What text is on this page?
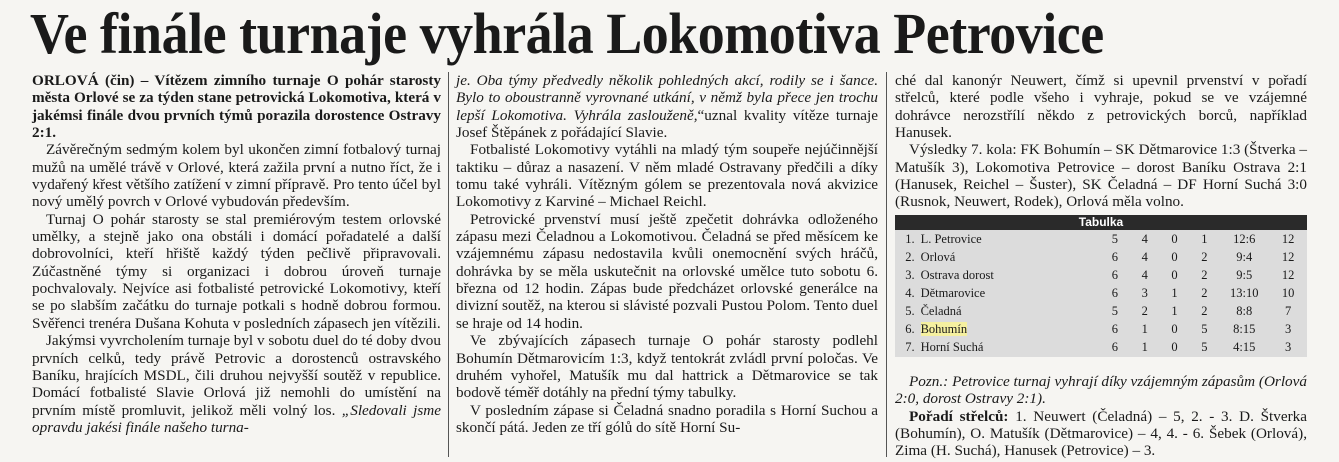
Ve finále turnaje vyhrála Lokomotiva Petrovice

ORLOVÁ (čin) – Vítězem zimního turnaje O pohár starosty města Orlové se za týden stane petrovická Lokomotiva, která v jakémsi finále dvou prvních týmů porazila dorostence Ostravy 2:1.

Závěrečným sedmým kolem byl ukončen zimní fotbalový turnaj mužů na umělé trávě v Orlové, která zažila první a nutno říct, že i vydařený křest většího zatížení v zimní přípravě. Pro tento účel byl nový umělý povrch v Orlové vybudován především.

Turnaj O pohár starosty se stal premiérovým testem orlovské umělky, a stejně jako ona obstáli i domácí pořadatelé a další dobrovolníci, kteří hřiště každý týden pečlivě připravovali. Zúčastněné týmy si organizaci i dobrou úroveň turnaje pochvalovaly. Nejvíce asi fotbalisté petrovické Lokomotivy, kteří se po slabším začátku do turnaje potkali s hodně dobrou formou. Svěřenci trenéra Dušana Kohuta v posledních zápasech jen vítězili.

Jakýmsi vyvrcholením turnaje byl v sobotu duel do té doby dvou prvních celků, tedy právě Petrovic a dorostenců ostravského Baníku, hrajících MSDL, čili druhou nejvyšší soutěž v republice. Domácí fotbalisté Slavie Orlová již nemohli do umístění na prvním místě promluvit, jelikož měli volný los. „Sledovali jsme opravdu jakési finále našeho turna-

je. Oba týmy předvedly několik pohledných akcí, rodily se i šance. Bylo to oboustranně vyrovnané utkání, v němž byla přece jen trochu lepší Lokomotiva. Vyhrála zaslouženě,“uznal kvality vítěze turnaje Josef Štěpánek z pořádající Slavie.

Fotbalisté Lokomotivy vytáhli na mladý tým soupeře nejúčinnější taktiku – důraz a nasazení. V něm mladé Ostravany předčili a díky tomu také vyhráli. Vítězným gólem se prezentovala nová akvizice Lokomotivy z Karviné – Michael Reichl.

Petrovické prvenství musí ještě zpečetit dohrávka odloženého zápasu mezi Čeladnou a Lokomotivou. Čeladná se před měsícem ke vzájemnému zápasu nedostavila kvůli onemocnění svých hráčů, dohrávka by se měla uskutečnit na orlovské umělce tuto sobotu 6. března od 12 hodin. Zápas bude předcházet orlovské generálce na divizní soutěž, na kterou si slávisté pozvali Pustou Polom. Tento duel se hraje od 14 hodin.

Ve zbývajících zápasech turnaje O pohár starosty podlehl Bohumín Dětmarovicím 1:3, když tentokrát zvládl první poločas. Ve druhém vyhořel, Matušík mu dal hattrick a Dětmarovice se tak bodově téměř dotáhly na přední týmy tabulky.

V posledním zápase si Čeladná snadno poradila s Horní Suchou a skončí pátá. Jeden ze tří gólů do sítě Horní Su-

ché dal kanonýr Neuwert, čímž si upevnil prvenství v pořadí střelců, které podle všeho i vyhraje, pokud se ve vzájemné dohrávce nerozstřílí někdo z petrovických borců, například Hanusek.

Výsledky 7. kola: FK Bohumín – SK Dětmarovice 1:3 (Štverka – Matušík 3), Lokomotiva Petrovice – dorost Baníku Ostrava 2:1 (Hanusek, Reichel – Šuster), SK Čeladná – DF Horní Suchá 3:0 (Rusnok, Neuwert, Rodek), Orlová měla volno.

Tabulka
1.	L. Petrovice	5	4	0	1	12:6	12
2.	Orlová	6	4	0	2	9:4	12
3.	Ostrava dorost	6	4	0	2	9:5	12
4.	Dětmarovice	6	3	1	2	13:10	10
5.	Čeladná	5	2	1	2	8:8	7
6.	Bohumín	6	1	0	5	8:15	3
7.	Horní Suchá	6	1	0	5	4:15	3

Pozn.: Petrovice turnaj vyhrají díky vzájemným zápasům (Orlová 2:0, dorost Ostravy 2:1).

Pořadí střelců: 1. Neuwert (Čeladná) – 5, 2. - 3. D. Štverka (Bohumín), O. Matušík (Dětmarovice) – 4, 4. - 6. Šebek (Orlová), Zima (H. Suchá), Hanusek (Petrovice) – 3.
